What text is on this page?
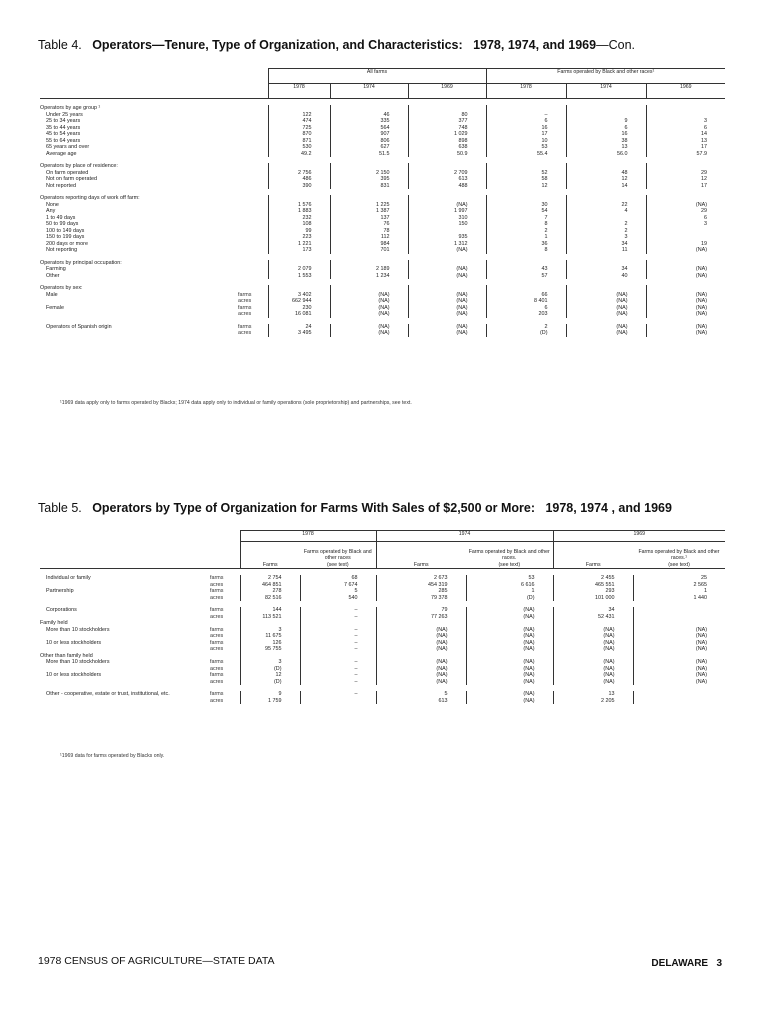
Table 4. Operators—Tenure, Type of Organization, and Characteristics: 1978, 1974, and 1969—Con.
		All farms			Farms operated by Black and other races¹		
		1978	1974	1969	1978	1974	1969

Operators by age group ¹							
Under 25 years		122	46	80	–		
25 to 34 years		474	335	377	6	9	3
35 to 44 years		725	564	748	16	6	6
45 to 54 years		870	907	1 029	17	16	14
55 to 64 years		871	806	898	10	38	13
65 years and over		530	627	638	53	13	17
Average age		49.2	51.5	50.9	55.4	56.0	57.9

Operators by place of residence:							
On farm operated		2 756	2 150	2 709	52	48	29
Not on farm operated		486	395	613	58	12	12
Not reported		390	831	488	12	14	17

Operators reporting days of work off farm:							
None		1 576	1 225	(NA)	30	22	(NA)
Any		1 883	1 387	1 997	54	4	29
1 to 49 days		232	137	310	7		6
50 to 99 days		108	76	150	8	2	3
100 to 149 days		99	78		2	2	
150 to 199 days		223	112	935	1	3	
200 days or more		1 221	984	1 312	36	34	19
Not reporting		173	701	(NA)	8	11	(NA)

Operators by principal occupation:							
Farming		2 079	2 189	(NA)	43	34	(NA)
Other		1 553	1 234	(NA)	57	40	(NA)

Operators by sex:							
Male	farms	3 402	(NA)	(NA)	66	(NA)	(NA)
	acres	662 944	(NA)	(NA)	8 401	(NA)	(NA)
Female	farms	230	(NA)	(NA)	6	(NA)	(NA)
	acres	16 081	(NA)	(NA)	203	(NA)	(NA)

Operators of Spanish origin	farms	24	(NA)	(NA)	2	(NA)	(NA)
	acres	3 495	(NA)	(NA)	(D)	(NA)	(NA)
¹1969 data apply only to farms operated by Blacks; 1974 data apply only to individual or family operations (sole proprietorship) and partnerships, see text.
Table 5. Operators by Type of Organization for Farms With Sales of $2,500 or More: 1978, 1974 , and 1969
		1978		1974		1969	
		Farms	Farms operated by Black and other races
(see text)	Farms	Farms operated by Black and other races.
(see text)	Farms	Farms operated by Black and other races.¹
(see text)

Individual or family	farms	2 754	68	2 673	53	2 455	25
	acres	464 851	7 674	454 319	6 616	465 551	2 565
Partnership	farms	278	5	285	1	293	1
	acres	82 516	540	79 378	(D)	101 000	1 440

Corporations	farms	144	–	79	(NA)	34	
	acres	113 521	–	77 263	(NA)	52 431	
Family held							
More than 10 stockholders	farms	3	–	(NA)	(NA)	(NA)	(NA)
	acres	11 675	–	(NA)	(NA)	(NA)	(NA)
10 or less stockholders	farms	126	–	(NA)	(NA)	(NA)	(NA)
	acres	95 755	–	(NA)	(NA)	(NA)	(NA)
Other than family held							
More than 10 stockholders	farms	3	–	(NA)	(NA)	(NA)	(NA)
	acres	(D)	–	(NA)	(NA)	(NA)	(NA)
10 or less stockholders	farms	12	–	(NA)	(NA)	(NA)	(NA)
	acres	(D)	–	(NA)	(NA)	(NA)	(NA)

Other - cooperative, estate or trust, institutional, etc.	farms	9	–	5	(NA)	13	
	acres	1 759		613	(NA)	2 205	
¹1969 data for farms operated by Blacks only.
1978 CENSUS OF AGRICULTURE—STATE DATA	DELAWARE 3
